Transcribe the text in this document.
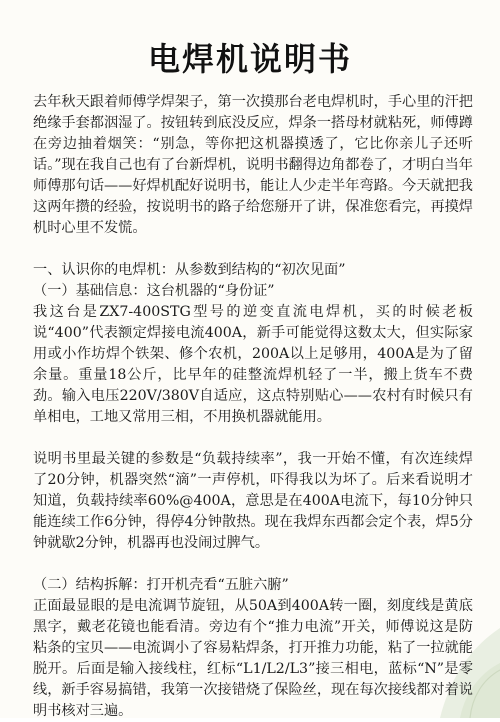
电焊机说明书

去年秋天跟着师傅学焊架子，第一次摸那台老电焊机时，手心里的汗把绝缘手套都洇湿了。按钮转到底没反应，焊条一搭母材就粘死，师傅蹲在旁边抽着烟笑：“别急，等你把这机器摸透了，它比你亲儿子还听话。”现在我自己也有了台新焊机，说明书翻得边角都卷了，才明白当年师傅那句话——好焊机配好说明书，能让人少走半年弯路。今天就把我这两年攒的经验，按说明书的路子给您掰开了讲，保准您看完，再摸焊机时心里不发慌。

一、认识你的电焊机：从参数到结构的“初次见面”

（一）基础信息：这台机器的“身份证”

我这台是ZX7-400STG型号的逆变直流电焊机，买的时候老板说“400”代表额定焊接电流400A，新手可能觉得这数太大，但实际家用或小作坊焊个铁架、修个农机，200A以上足够用，400A是为了留余量。重量18公斤，比早年的硅整流焊机轻了一半，搬上货车不费劲。输入电压220V/380V自适应，这点特别贴心——农村有时候只有单相电，工地又常用三相，不用换机器就能用。

说明书里最关键的参数是“负载持续率”，我一开始不懂，有次连续焊了20分钟，机器突然“滴”一声停机，吓得我以为坏了。后来看说明才知道，负载持续率60%@400A，意思是在400A电流下，每10分钟只能连续工作6分钟，得停4分钟散热。现在我焊东西都会定个表，焊5分钟就歇2分钟，机器再也没闹过脾气。

（二）结构拆解：打开机壳看“五脏六腑”

正面最显眼的是电流调节旋钮，从50A到400A转一圈，刻度线是黄底黑字，戴老花镜也能看清。旁边有个“推力电流”开关，师傅说这是防粘条的宝贝——电流调小了容易粘焊条，打开推力功能，粘了一拉就能脱开。后面是输入接线柱，红标“L1/L2/L3”接三相电，蓝标“N”是零线，新手容易搞错，我第一次接错烧了保险丝，现在每次接线都对着说明书核对三遍。
